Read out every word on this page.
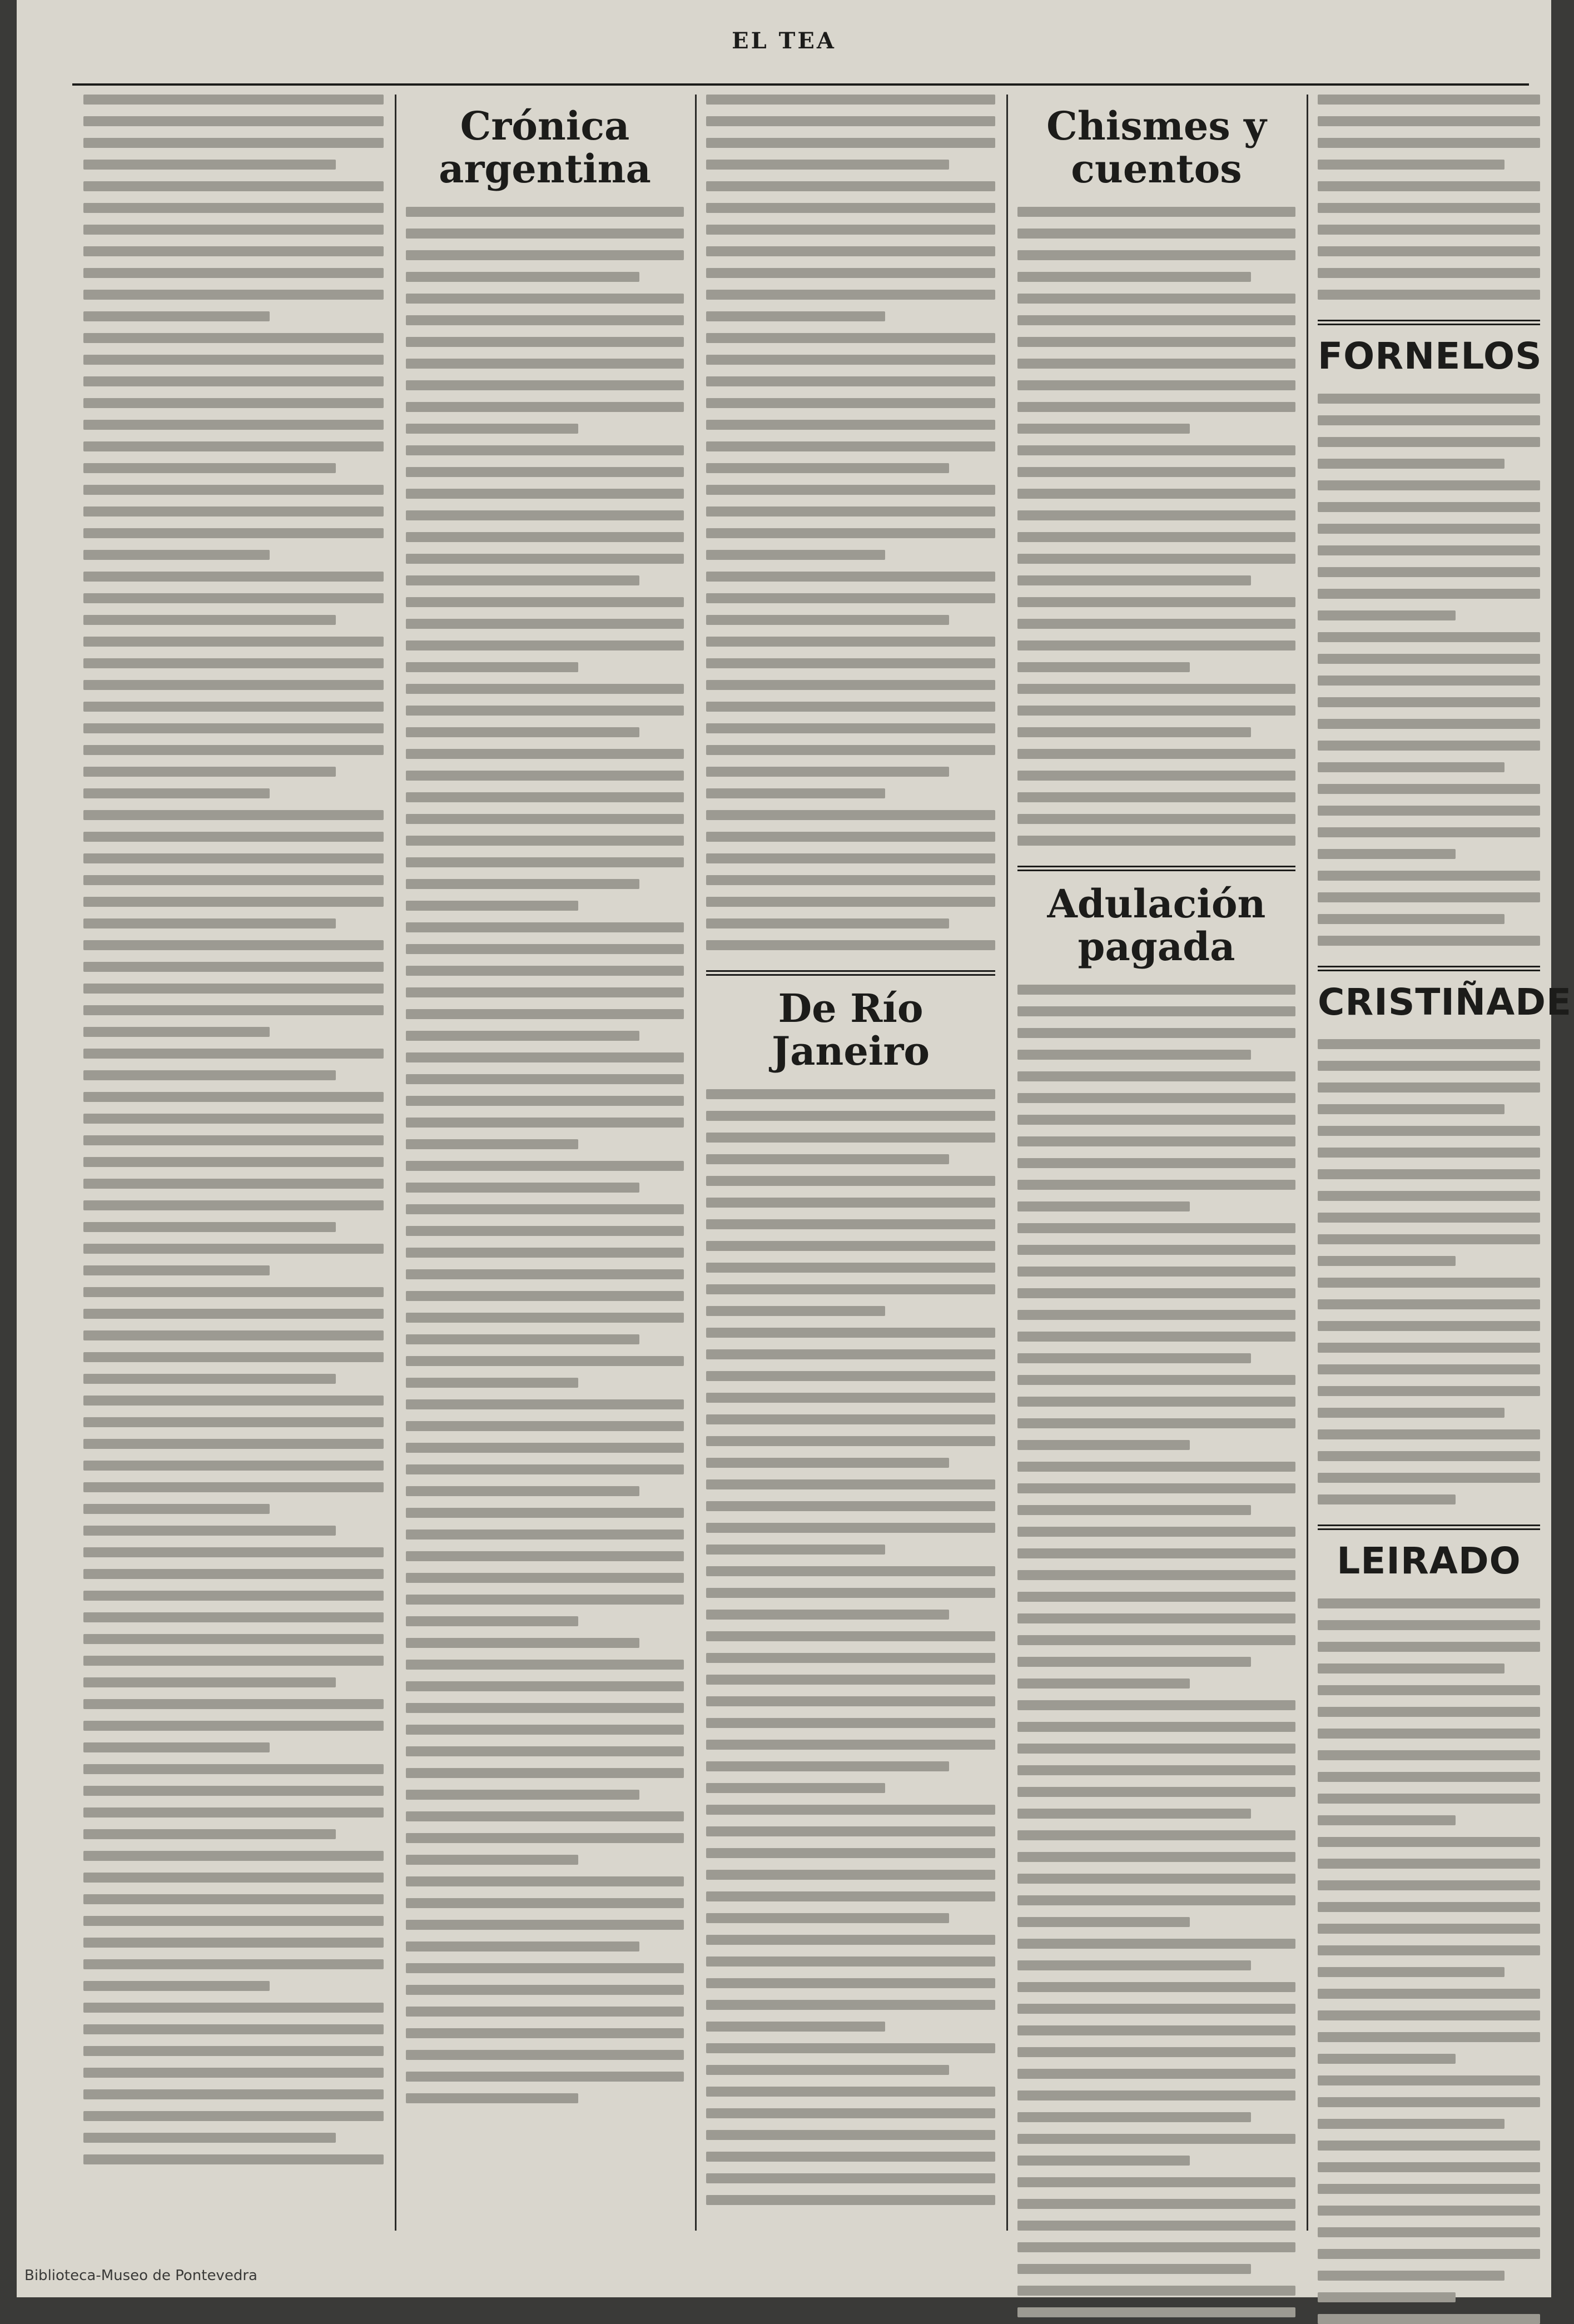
EL TEA
Crónica argentina
De Río Janeiro
Chismes y cuentos
Adulación pagada
FORNELOS
CRISTIÑADE
LEIRADO
Biblioteca-Museo de Pontevedra
